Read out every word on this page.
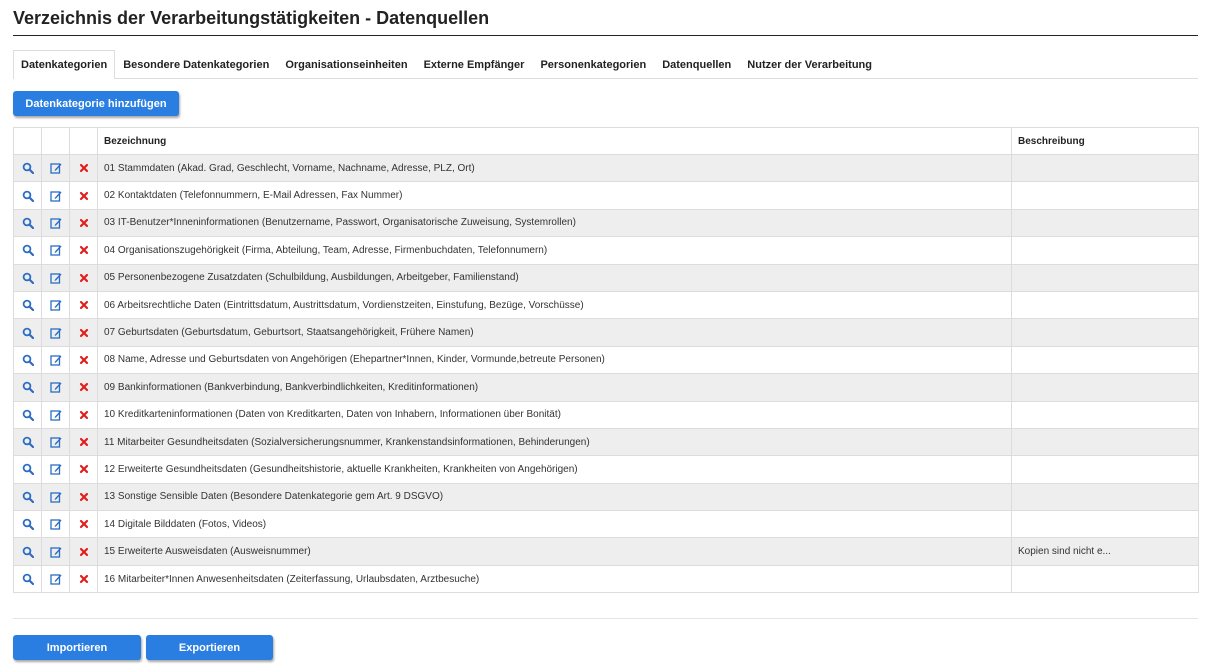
Verzeichnis der Verarbeitungstätigkeiten - Datenquellen
Datenkategorien	Besondere Datenkategorien	Organisationseinheiten	Externe Empfänger	Personenkategorien	Datenquellen	Nutzer der Verarbeitung
Datenkategorie hinzufügen
			Bezeichnung	Beschreibung
			01 Stammdaten (Akad. Grad, Geschlecht, Vorname, Nachname, Adresse, PLZ, Ort)	
			02 Kontaktdaten (Telefonnummern, E-Mail Adressen, Fax Nummer)	
			03 IT-Benutzer*Inneninformationen (Benutzername, Passwort, Organisatorische Zuweisung, Systemrollen)	
			04 Organisationszugehörigkeit (Firma, Abteilung, Team, Adresse, Firmenbuchdaten, Telefonnumern)	
			05 Personenbezogene Zusatzdaten (Schulbildung, Ausbildungen, Arbeitgeber, Familienstand)	
			06 Arbeitsrechtliche Daten (Eintrittsdatum, Austrittsdatum, Vordienstzeiten, Einstufung, Bezüge, Vorschüsse)	
			07 Geburtsdaten (Geburtsdatum, Geburtsort, Staatsangehörigkeit, Frühere Namen)	
			08 Name, Adresse und Geburtsdaten von Angehörigen (Ehepartner*Innen, Kinder, Vormunde,betreute Personen)	
			09 Bankinformationen (Bankverbindung, Bankverbindlichkeiten, Kreditinformationen)	
			10 Kreditkarteninformationen (Daten von Kreditkarten, Daten von Inhabern, Informationen über Bonität)	
			11 Mitarbeiter Gesundheitsdaten (Sozialversicherungsnummer, Krankenstandsinformationen, Behinderungen)	
			12 Erweiterte Gesundheitsdaten (Gesundheitshistorie, aktuelle Krankheiten, Krankheiten von Angehörigen)	
			13 Sonstige Sensible Daten (Besondere Datenkategorie gem Art. 9 DSGVO)	
			14 Digitale Bilddaten (Fotos, Videos)	
			15 Erweiterte Ausweisdaten (Ausweisnummer)	Kopien sind nicht e...
			16 Mitarbeiter*Innen Anwesenheitsdaten (Zeiterfassung, Urlaubsdaten, Arztbesuche)	
Importieren	Exportieren
